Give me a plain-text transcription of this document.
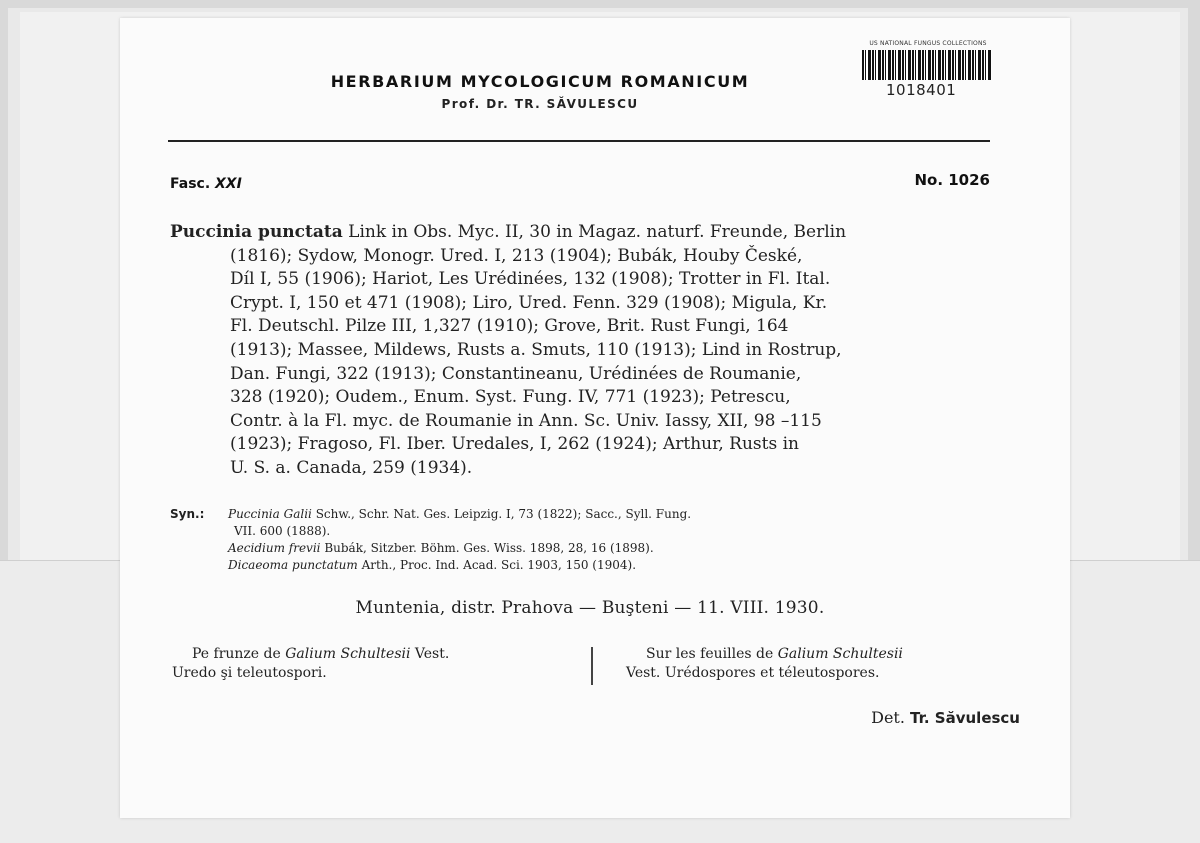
US NATIONAL FUNGUS COLLECTIONS
1018401
HERBARIUM MYCOLOGICUM ROMANICUM
Prof. Dr. TR. SĂVULESCU
Fasc. XXI	No. 1026
Puccinia punctata Link in Obs. Myc. II, 30 in Magaz. naturf. Freunde, Berlin
(1816); Sydow, Monogr. Ured. I, 213 (1904); Bubák, Houby České,
Díl I, 55 (1906); Hariot, Les Urédinées, 132 (1908); Trotter in Fl. Ital.
Crypt. I, 150 et 471 (1908); Liro, Ured. Fenn. 329 (1908); Migula, Kr.
Fl. Deutschl. Pilze III, 1,327 (1910); Grove, Brit. Rust Fungi, 164
(1913); Massee, Mildews, Rusts a. Smuts, 110 (1913); Lind in Rostrup,
Dan. Fungi, 322 (1913); Constantineanu, Urédinées de Roumanie,
328 (1920); Oudem., Enum. Syst. Fung. IV, 771 (1923); Petrescu,
Contr. à la Fl. myc. de Roumanie in Ann. Sc. Univ. Iassy, XII, 98 –115
(1923); Fragoso, Fl. Iber. Uredales, I, 262 (1924); Arthur, Rusts in
U. S. a. Canada, 259 (1934).
Syn.:	Puccinia Galii Schw., Schr. Nat. Ges. Leipzig. I, 73 (1822); Sacc., Syll. Fung.
VII. 600 (1888).
Aecidium frevii Bubák, Sitzber. Böhm. Ges. Wiss. 1898, 28, 16 (1898).
Dicaeoma punctatum Arth., Proc. Ind. Acad. Sci. 1903, 150 (1904).
Muntenia, distr. Prahova — Buşteni — 11. VIII. 1930.
Pe frunze de Galium Schultesii Vest.
Uredo şi teleutospori.
Sur les feuilles de Galium Schultesii
Vest. Urédospores et téleutospores.
Det. Tr. Săvulescu
